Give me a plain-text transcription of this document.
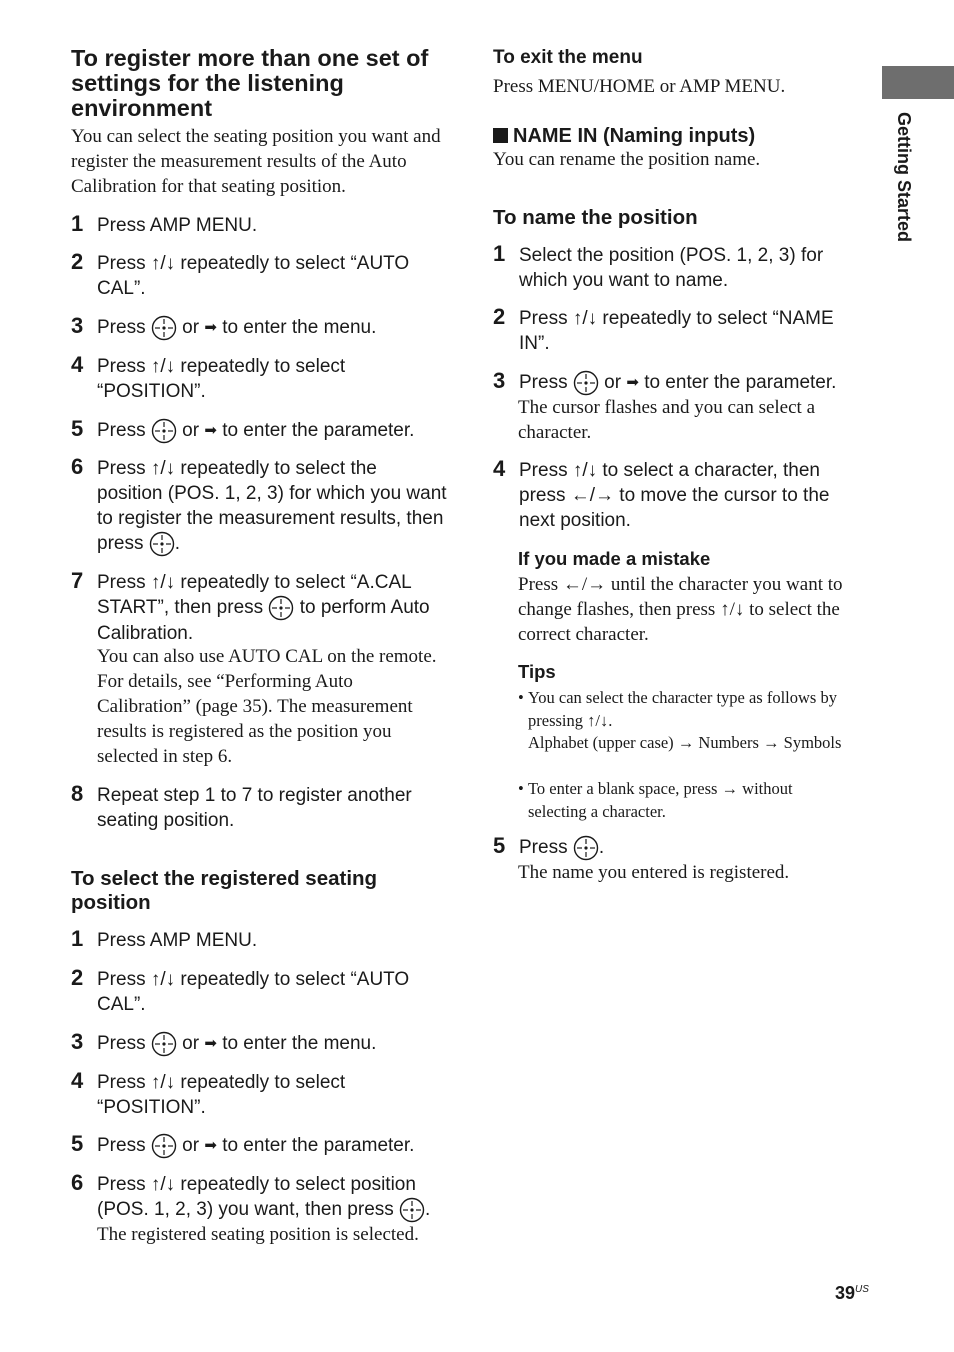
To register more than one set of settings for the listening environment

You can select the seating position you want and register the measurement results of the Auto Calibration for that seating position.

1 Press AMP MENU.
2 Press ↑/↓ repeatedly to select “AUTO CAL”.
3 Press or ➡ to enter the menu.
4 Press ↑/↓ repeatedly to select “POSITION”.
5 Press or ➡ to enter the parameter.
6 Press ↑/↓ repeatedly to select the position (POS. 1, 2, 3) for which you want to register the measurement results, then press .
7 Press ↑/↓ repeatedly to select “A.CAL START”, then press to perform Auto Calibration.

You can also use AUTO CAL on the remote. For details, see “Performing Auto Calibration” (page 35). The measurement results is registered as the position you selected in step 6.

8 Repeat step 1 to 7 to register another seating position.
To select the registered seating position
1 Press AMP MENU.
2 Press ↑/↓ repeatedly to select “AUTO CAL”.
3 Press or ➡ to enter the menu.
4 Press ↑/↓ repeatedly to select “POSITION”.
5 Press or ➡ to enter the parameter.
6 Press ↑/↓ repeatedly to select position (POS. 1, 2, 3) you want, then press .

The registered seating position is selected.

To exit the menu

Press MENU/HOME or AMP MENU.

NAME IN (Naming inputs)

You can rename the position name.

To name the position
1 Select the position (POS. 1, 2, 3) for which you want to name.
2 Press ↑/↓ repeatedly to select “NAME IN”.
3 Press or ➡ to enter the parameter.

The cursor flashes and you can select a character.

4 Press ↑/↓ to select a character, then press ←/→ to move the cursor to the next position.
If you made a mistake

Press ←/→ until the character you want to change flashes, then press ↑/↓ to select the correct character.

Tips
• You can select the character type as follows by pressing ↑/↓.
Alphabet (upper case) → Numbers → Symbols
• To enter a blank space, press → without selecting a character.
5 Press .

The name you entered is registered.

Getting Started
$39^{US}$
